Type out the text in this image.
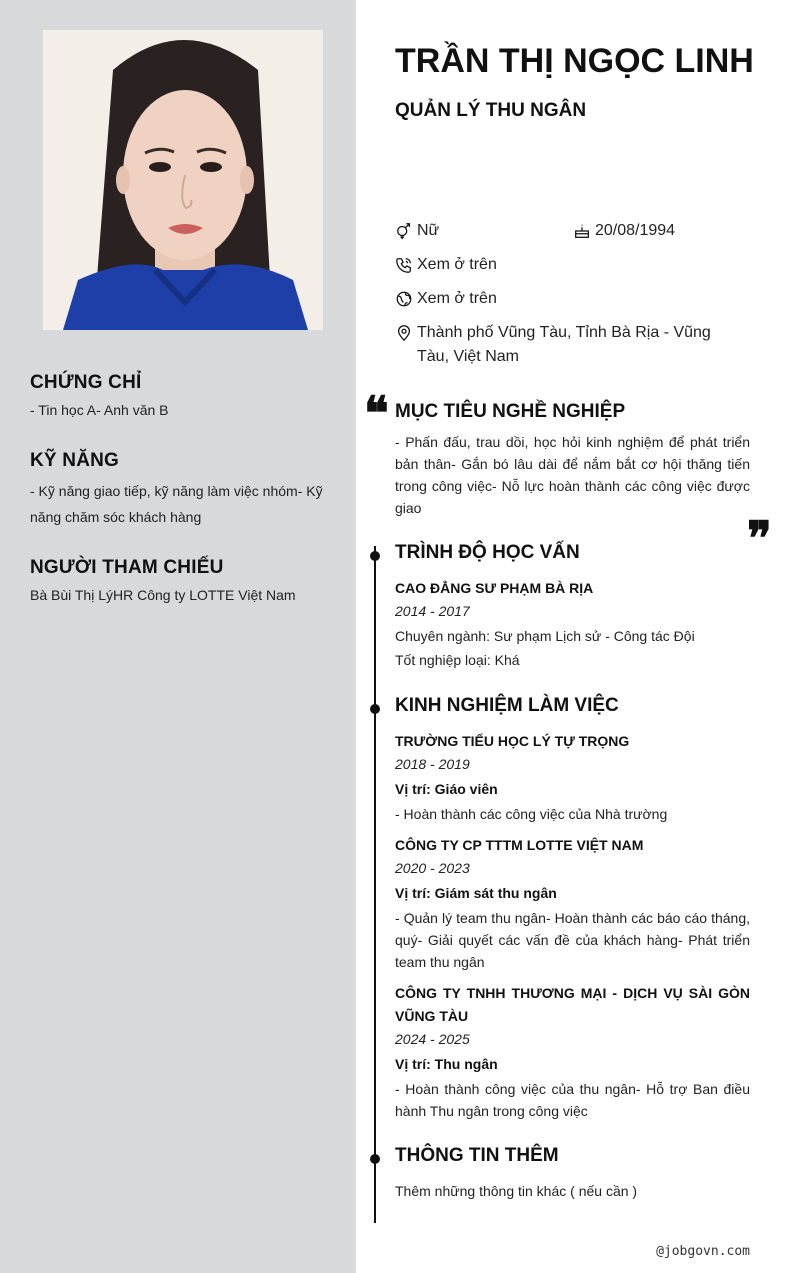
CHỨNG CHỈ
- Tin học A- Anh văn B
KỸ NĂNG
- Kỹ năng giao tiếp, kỹ năng làm việc nhóm- Kỹ năng chăm sóc khách hàng
NGƯỜI THAM CHIẾU
Bà Bùi Thị LýHR Công ty LOTTE Việt Nam
TRẦN THỊ NGỌC LINH
QUẢN LÝ THU NGÂN
Nữ	20/08/1994
Xem ở trên
Xem ở trên
Thành phố Vũng Tàu, Tỉnh Bà Rịa - Vũng Tàu, Việt Nam
❝ MỤC TIÊU NGHỀ NGHIỆP
- Phấn đấu, trau dồi, học hỏi kinh nghiệm để phát triển bản thân- Gắn bó lâu dài để nắm bắt cơ hội thăng tiến trong công việc- Nỗ lực hoàn thành các công việc được giao
❞
TRÌNH ĐỘ HỌC VẤN
CAO ĐẲNG SƯ PHẠM BÀ RỊA
2014 - 2017
Chuyên ngành: Sư phạm Lịch sử - Công tác Đội
Tốt nghiệp loại: Khá
KINH NGHIỆM LÀM VIỆC
TRƯỜNG TIỂU HỌC LÝ TỰ TRỌNG
2018 - 2019
Vị trí: Giáo viên
- Hoàn thành các công việc của Nhà trường
CÔNG TY CP TTTM LOTTE VIỆT NAM
2020 - 2023
Vị trí: Giám sát thu ngân
- Quản lý team thu ngân- Hoàn thành các báo cáo tháng, quý- Giải quyết các vấn đề của khách hàng- Phát triển team thu ngân
CÔNG TY TNHH THƯƠNG MẠI - DỊCH VỤ SÀI GÒN VŨNG TÀU
2024 - 2025
Vị trí: Thu ngân
- Hoàn thành công việc của thu ngân- Hỗ trợ Ban điều hành Thu ngân trong công việc
THÔNG TIN THÊM
Thêm những thông tin khác ( nếu cần )
@jobgovn.com
